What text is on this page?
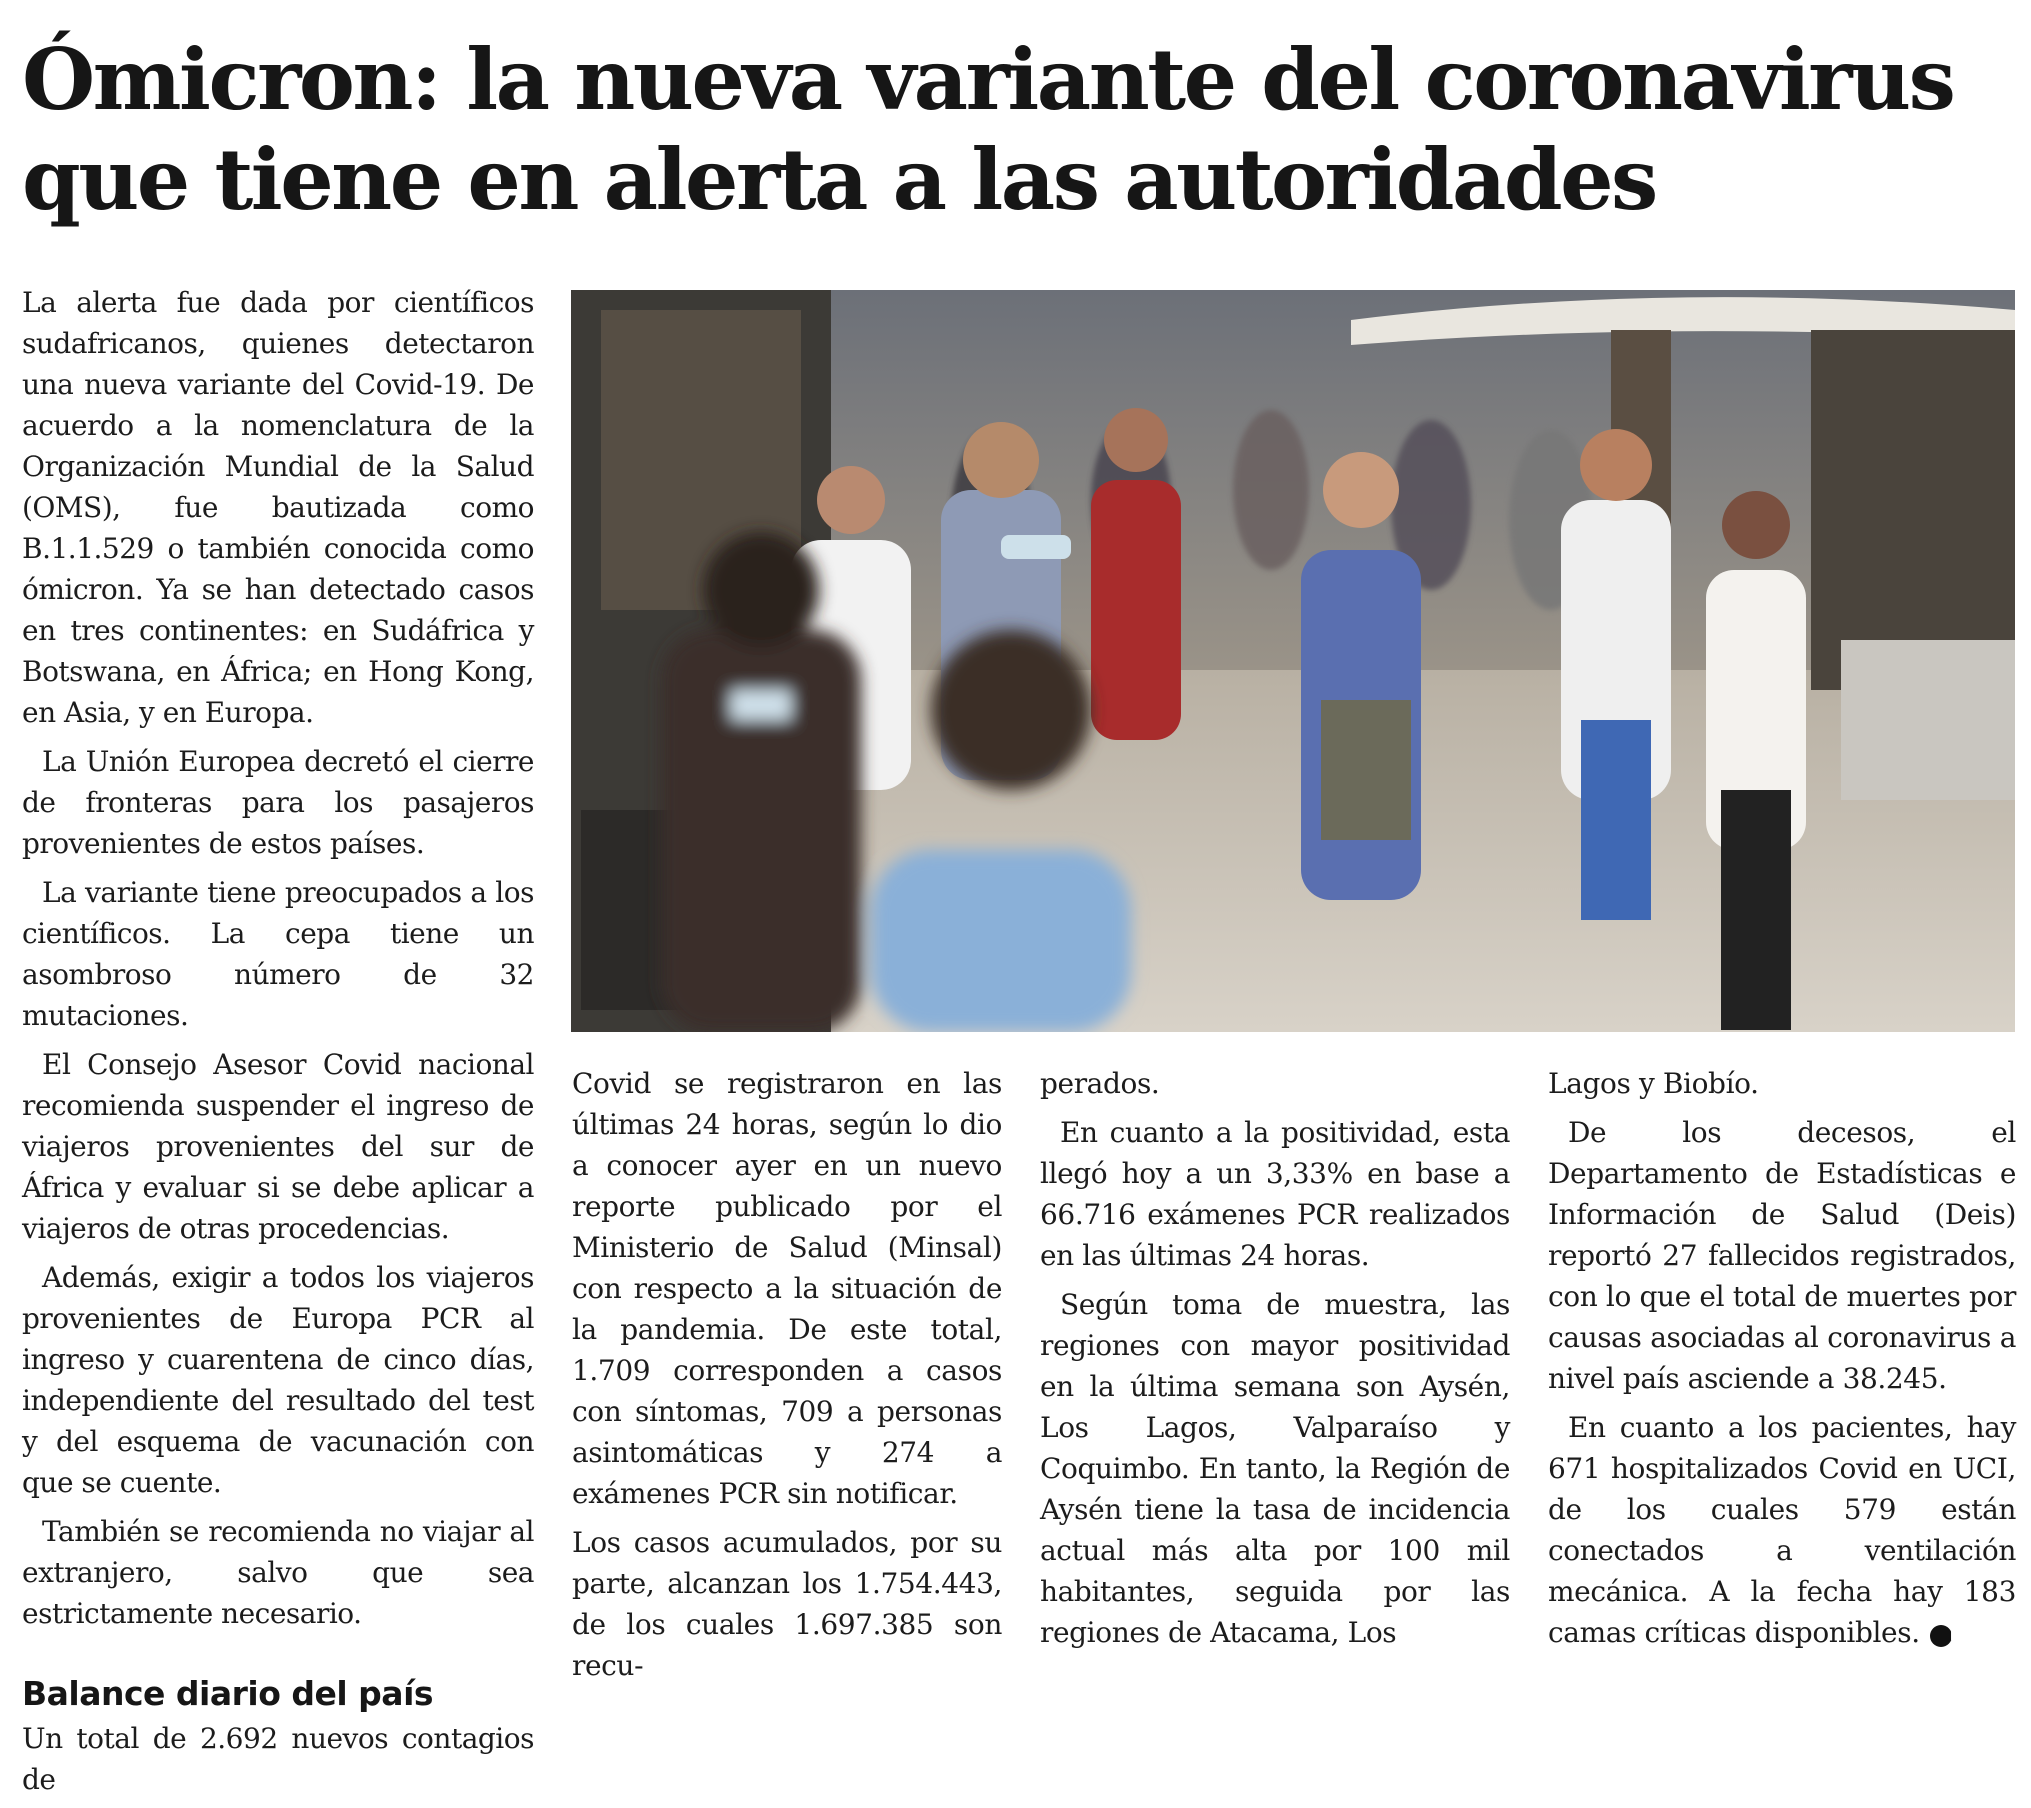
Ómicron: la nueva variante del coronavirus
que tiene en alerta a las autoridades

La alerta fue dada por científicos sudafricanos, quienes detectaron una nueva variante del Covid-19. De acuerdo a la nomenclatura de la Organización Mundial de la Salud (OMS), fue bautizada como B.1.1.529 o también conocida como ómicron. Ya se han detectado casos en tres continentes: en Sudáfrica y Botswana, en África; en Hong Kong, en Asia, y en Europa.

La Unión Europea decretó el cierre de fronteras para los pasajeros provenientes de estos países.

La variante tiene preocupados a los científicos. La cepa tiene un asombroso número de 32 mutaciones.

El Consejo Asesor Covid nacional recomienda suspender el ingreso de viajeros provenientes del sur de África y evaluar si se debe aplicar a viajeros de otras procedencias.

Además, exigir a todos los viajeros provenientes de Europa PCR al ingreso y cuarentena de cinco días, independiente del resultado del test y del esquema de vacunación con que se cuente.

También se recomienda no viajar al extranjero, salvo que sea estrictamente necesario.

Balance diario del país

Un total de 2.692 nuevos contagios de

Covid se registraron en las últimas 24 horas, según lo dio a conocer ayer en un nuevo reporte publicado por el Ministerio de Salud (Minsal) con respecto a la situación de la pandemia. De este total, 1.709 corresponden a casos con síntomas, 709 a personas asintomáticas y 274 a exámenes PCR sin notificar.

Los casos acumulados, por su parte, alcanzan los 1.754.443, de los cuales 1.697.385 son recu-

perados.

En cuanto a la positividad, esta llegó hoy a un 3,33% en base a 66.716 exámenes PCR realizados en las últimas 24 horas.

Según toma de muestra, las regiones con mayor positividad en la última semana son Aysén, Los Lagos, Valparaíso y Coquimbo. En tanto, la Región de Aysén tiene la tasa de incidencia actual más alta por 100 mil habitantes, seguida por las regiones de Atacama, Los

Lagos y Biobío.

De los decesos, el Departamento de Estadísticas e Información de Salud (Deis) reportó 27 fallecidos registrados, con lo que el total de muertes por causas asociadas al coronavirus a nivel país asciende a 38.245.

En cuanto a los pacientes, hay 671 hospitalizados Covid en UCI, de los cuales 579 están conectados a ventilación mecánica. A la fecha hay 183 camas críticas disponibles. D
